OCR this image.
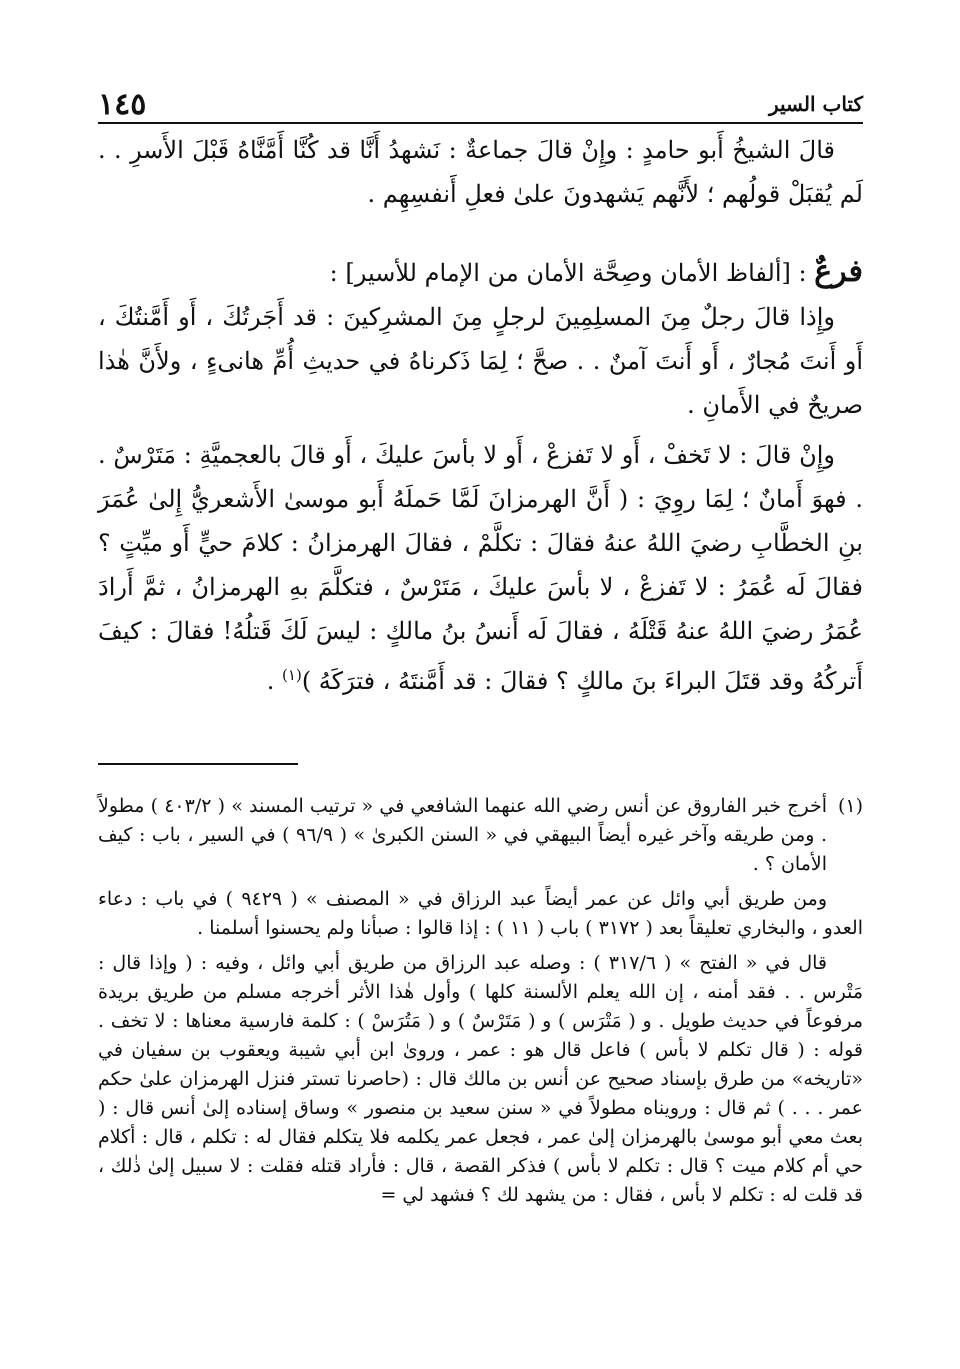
كتاب السير
١٤٥

قالَ الشيخُ أَبو حامدٍ : وإِنْ قالَ جماعةٌ : نَشهدُ أَنَّا قد كُنَّا أَمَّنَّاهُ قَبْلَ الأَسرِ . . لَم يُقبَلْ قولُهم ؛ لأَنَّهم يَشهدونَ علىٰ فعلِ أَنفسِهِم .

فرعٌ : [ألفاظ الأمان وصِحَّة الأمان من الإمام للأسير] :

وإِذا قالَ رجلٌ مِنَ المسلِمِينَ لرجلٍ مِنَ المشرِكينَ : قد أَجَرتُكَ ، أَو أَمَّنتُكَ ، أَو أَنتَ مُجارٌ ، أَو أَنتَ آمنٌ . . صحَّ ؛ لِمَا ذَكرناهُ في حديثِ أُمِّ هانىءٍ ، ولأَنَّ هٰذا صريحٌ في الأَمانِ .

وإِنْ قالَ : لا تَخفْ ، أَو لا تَفزعْ ، أَو لا بأسَ عليكَ ، أَو قالَ بالعجميَّةِ : مَتَرْسٌ . . فهوَ أَمانٌ ؛ لِمَا روِيَ : ( أَنَّ الهرمزانَ لَمَّا حَملَهُ أَبو موسىٰ الأَشعريُّ إِلىٰ عُمَرَ بنِ الخطَّابِ رضيَ اللهُ عنهُ فقالَ : تكلَّمْ ، فقالَ الهرمزانُ : كلامَ حيٍّ أَو ميِّتٍ ؟ فقالَ لَه عُمَرُ : لا تَفزعْ ، لا بأسَ عليكَ ، مَتَرْسٌ ، فتكلَّمَ بهِ الهرمزانُ ، ثمَّ أَرادَ عُمَرُ رضيَ اللهُ عنهُ قَتْلَهُ ، فقالَ لَه أَنسُ بنُ مالكٍ : ليسَ لَكَ قَتلُهُ! فقالَ : كيفَ أَتركُهُ وقد قتَلَ البراءَ بنَ مالكٍ ؟ فقالَ : قد أَمَّنتَهُ ، فترَكَهُ )$^{(١)}$ .

(١)
أخرج خبر الفاروق عن أنس رضي الله عنهما الشافعي في « ترتيب المسند » ( ٤٠٣/٢ ) مطولاً . ومن طريقه وآخر غيره أيضاً البيهقي في « السنن الكبرىٰ » ( ٩٦/٩ ) في السير ، باب : كيف الأمان ؟ .

ومن طريق أبي وائل عن عمر أيضاً عبد الرزاق في « المصنف » ( ٩٤٢٩ ) في باب : دعاء العدو ، والبخاري تعليقاً بعد ( ٣١٧٢ ) باب ( ١١ ) : إذا قالوا : صبأنا ولم يحسنوا أسلمنا .

قال في « الفتح » ( ٣١٧/٦ ) : وصله عبد الرزاق من طريق أبي وائل ، وفيه : ( وإذا قال : مَتْرس . . فقد أمنه ، إن الله يعلم الألسنة كلها ) وأول هٰذا الأثر أخرجه مسلم من طريق بريدة مرفوعاً في حديث طويل . و ( مَتْرَس ) و ( مَتَرْسٌ ) و ( مَتُرَسْ ) : كلمة فارسية معناها : لا تخف . قوله : ( قال تكلم لا بأس ) فاعل قال هو : عمر ، وروىٰ ابن أبي شيبة ويعقوب بن سفيان في «تاريخه» من طرق بإسناد صحيح عن أنس بن مالك قال : (حاصرنا تستر فنزل الهرمزان علىٰ حكم عمر . . . ) ثم قال : ورويناه مطولاً في « سنن سعيد بن منصور » وساق إسناده إلىٰ أنس قال : ( بعث معي أبو موسىٰ بالهرمزان إلىٰ عمر ، فجعل عمر يكلمه فلا يتكلم فقال له : تكلم ، قال : أكلام حي أم كلام ميت ؟ قال : تكلم لا بأس ) فذكر القصة ، قال : فأراد قتله فقلت : لا سبيل إلىٰ ذٰلك ، قد قلت له : تكلم لا بأس ، فقال : من يشهد لك ؟ فشهد لي =
